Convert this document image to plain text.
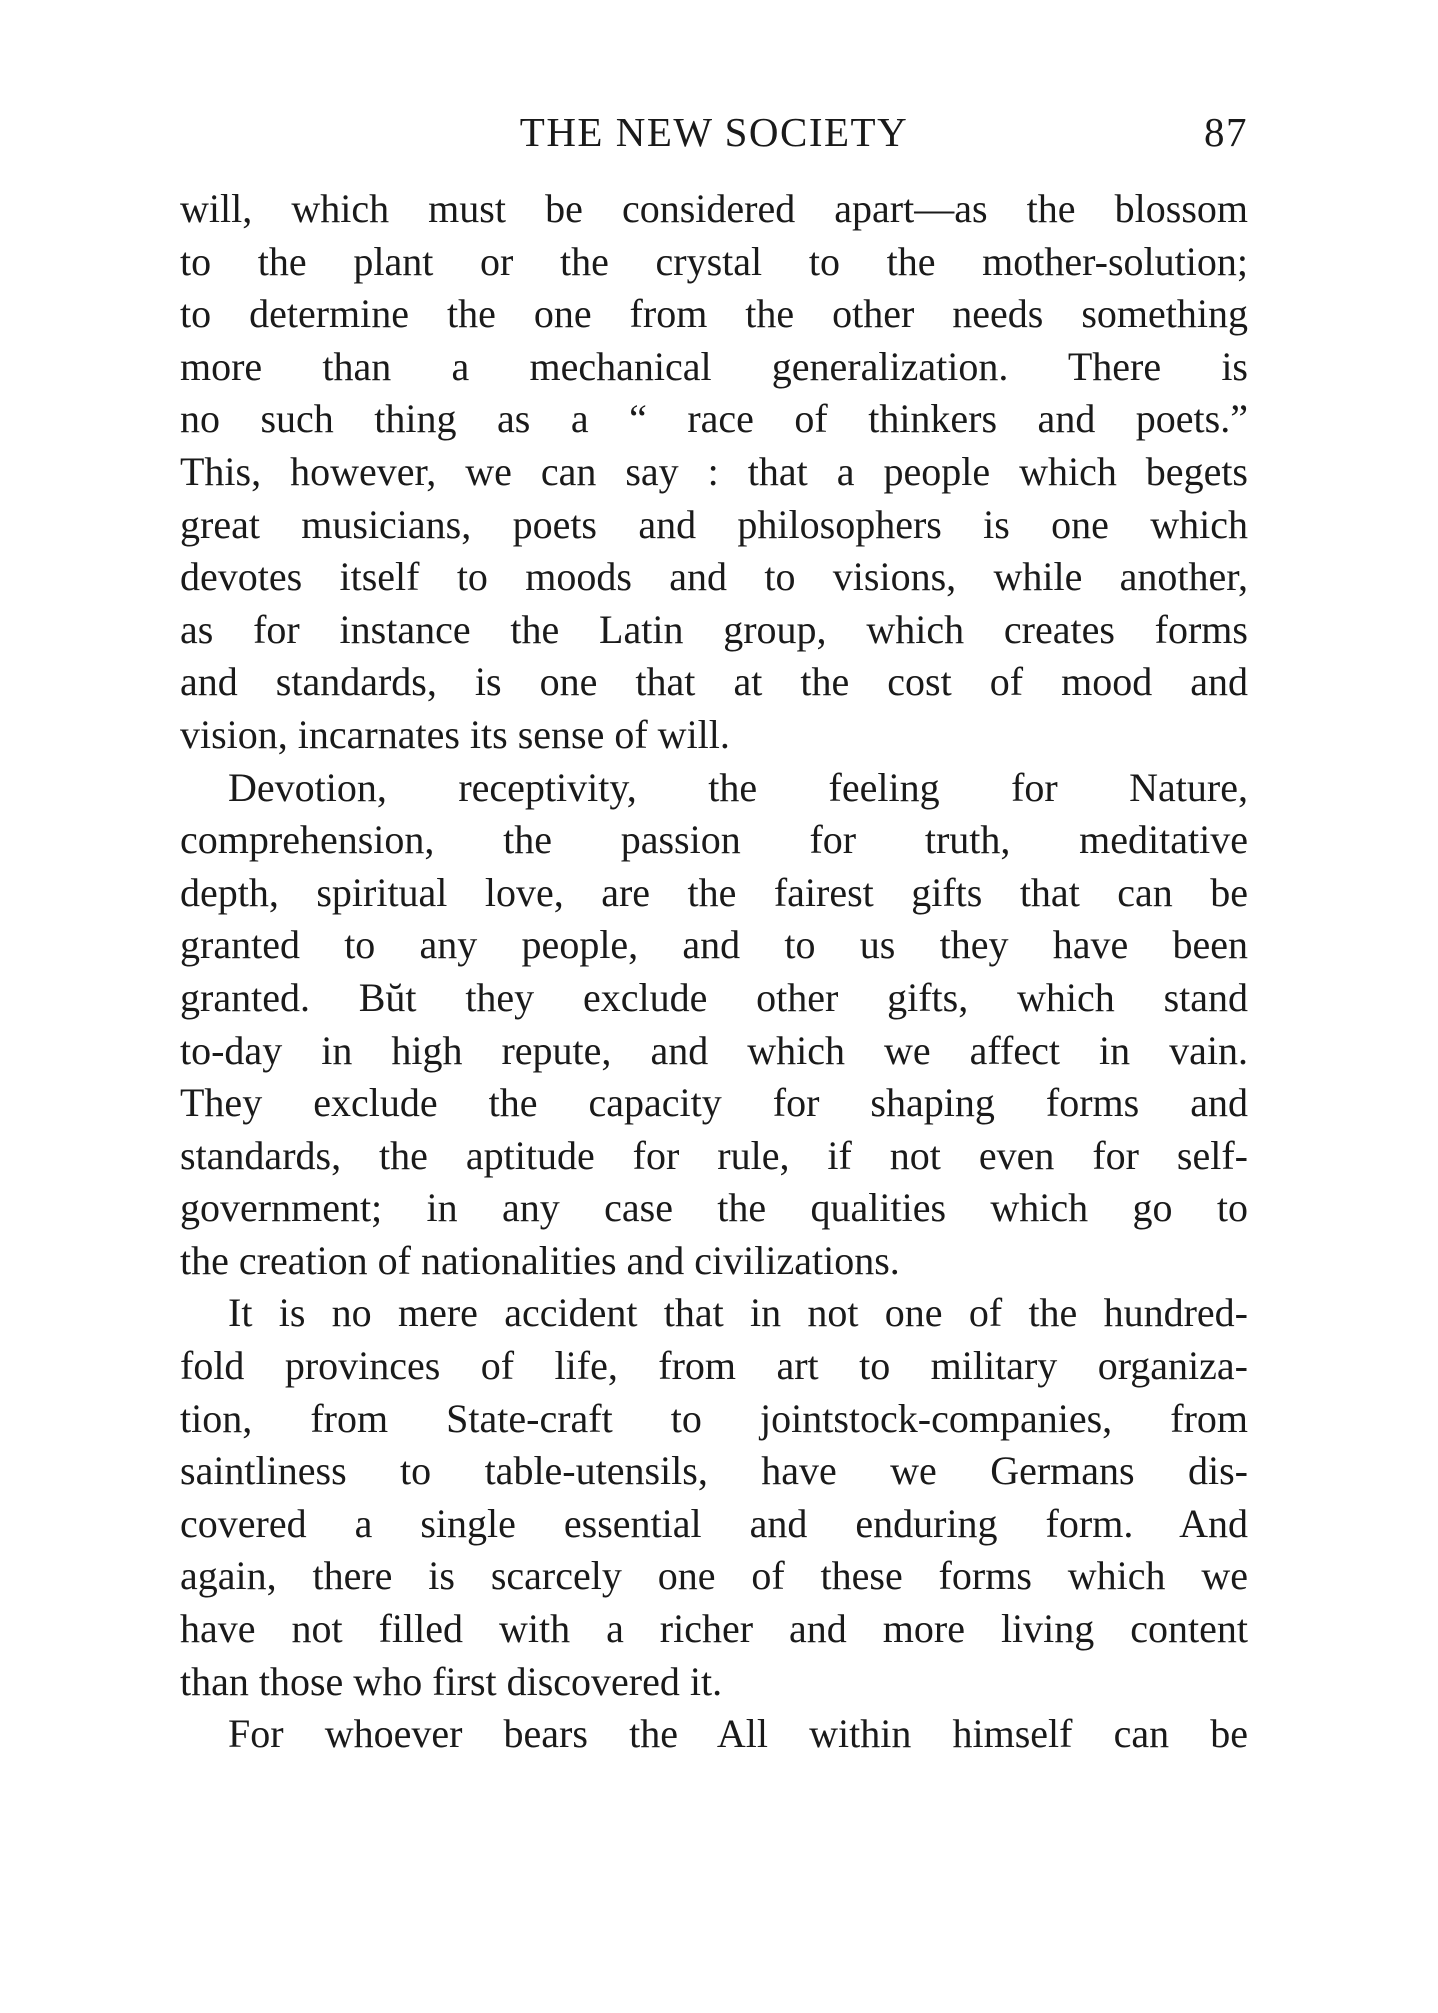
THE NEW SOCIETY	87
will, which must be considered apart—as the blossom
to the plant or the crystal to the mother-solution;
to determine the one from the other needs something
more than a mechanical generalization. There is
no such thing as a “ race of thinkers and poets.”
This, however, we can say : that a people which begets
great musicians, poets and philosophers is one which
devotes itself to moods and to visions, while another,
as for instance the Latin group, which creates forms
and standards, is one that at the cost of mood and
vision, incarnates its sense of will.
Devotion, receptivity, the feeling for Nature,
comprehension, the passion for truth, meditative
depth, spiritual love, are the fairest gifts that can be
granted to any people, and to us they have been
granted. Bŭt they exclude other gifts, which stand
to-day in high repute, and which we affect in vain.
They exclude the capacity for shaping forms and
standards, the aptitude for rule, if not even for self-
government; in any case the qualities which go to
the creation of nationalities and civilizations.
It is no mere accident that in not one of the hundred-
fold provinces of life, from art to military organiza-
tion, from State-craft to jointstock-companies, from
saintliness to table-utensils, have we Germans dis-
covered a single essential and enduring form. And
again, there is scarcely one of these forms which we
have not filled with a richer and more living content
than those who first discovered it.
For whoever bears the All within himself can be
